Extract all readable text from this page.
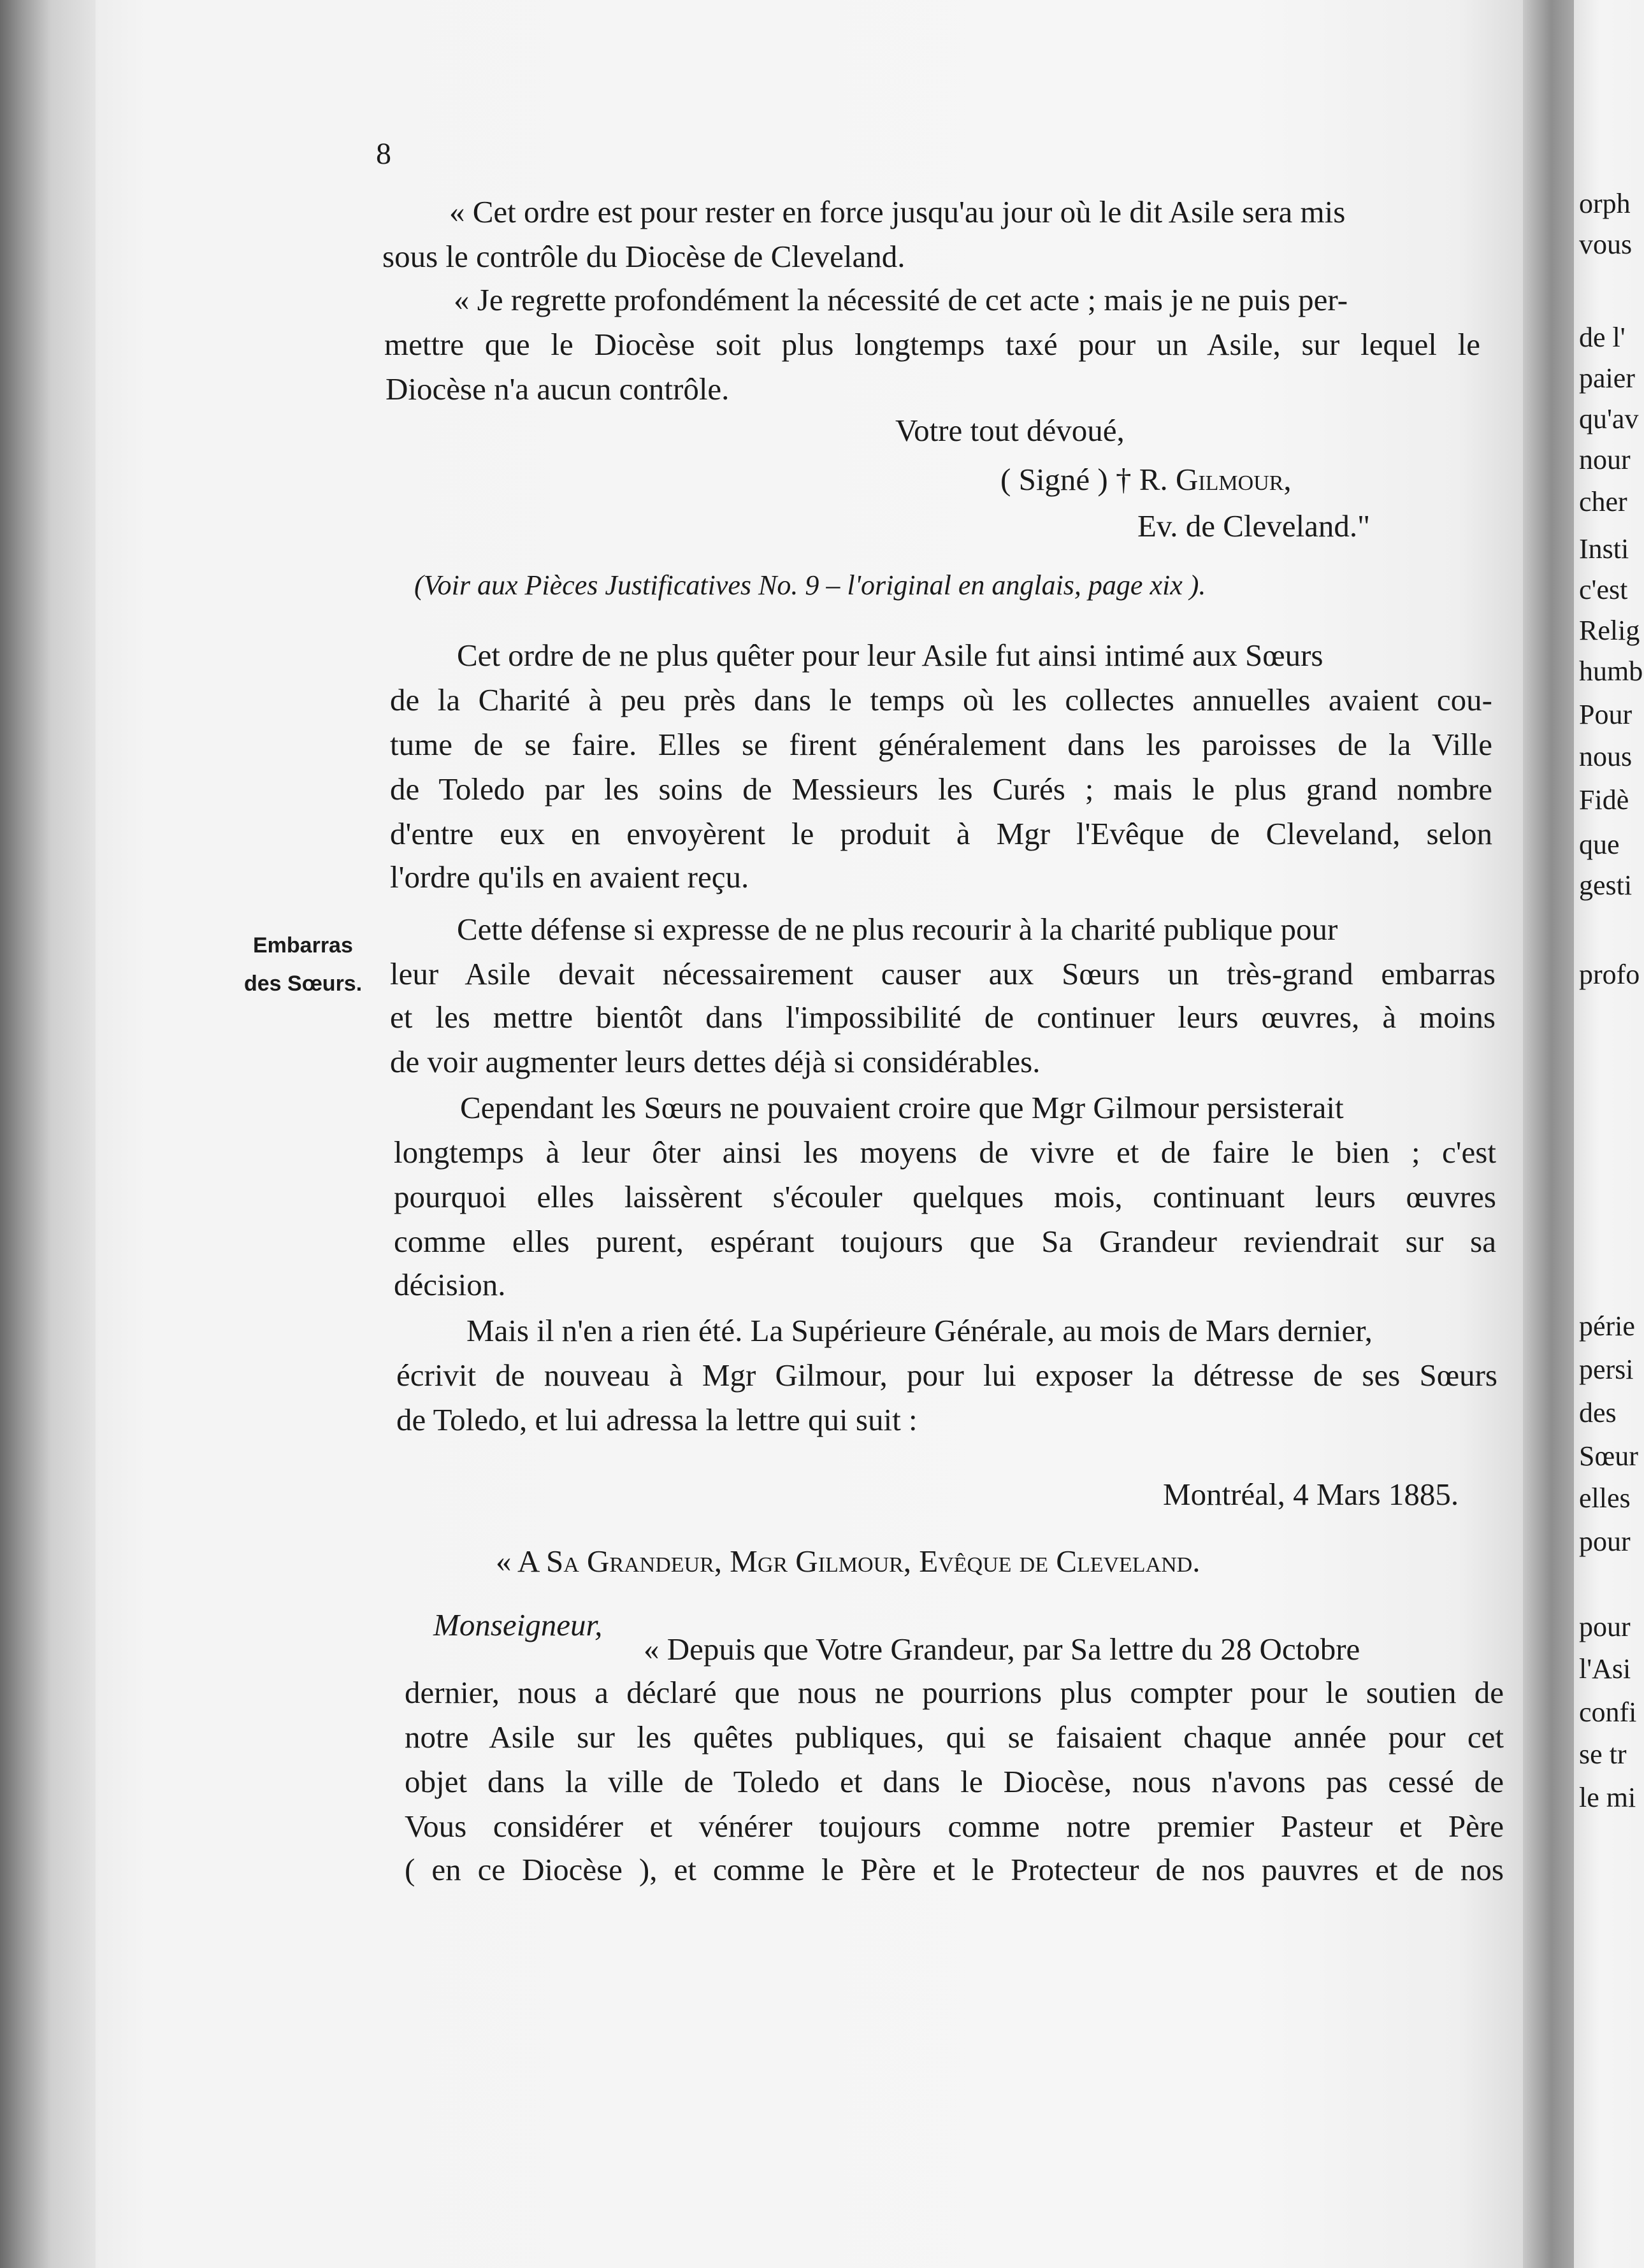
8
« Cet ordre est pour rester en force jusqu'au jour où le dit Asile sera mis
sous le contrôle du Diocèse de Cleveland.
« Je regrette profondément la nécessité de cet acte ; mais je ne puis per-
mettre que le Diocèse soit plus longtemps taxé pour un Asile, sur lequel le
Diocèse n'a aucun contrôle.
Votre tout dévoué,
( Signé ) † R. Gilmour,
Ev. de Cleveland."
(Voir aux Pièces Justificatives No. 9 – l'original en anglais, page xix ).
Cet ordre de ne plus quêter pour leur Asile fut ainsi intimé aux Sœurs
de la Charité à peu près dans le temps où les collectes annuelles avaient cou-
tume de se faire. Elles se firent généralement dans les paroisses de la Ville
de Toledo par les soins de Messieurs les Curés ; mais le plus grand nombre
d'entre eux en envoyèrent le produit à Mgr l'Evêque de Cleveland, selon
l'ordre qu'ils en avaient reçu.
Embarras
des Sœurs.
Cette défense si expresse de ne plus recourir à la charité publique pour
leur Asile devait nécessairement causer aux Sœurs un très-grand embarras
et les mettre bientôt dans l'impossibilité de continuer leurs œuvres, à moins
de voir augmenter leurs dettes déjà si considérables.
Cependant les Sœurs ne pouvaient croire que Mgr Gilmour persisterait
longtemps à leur ôter ainsi les moyens de vivre et de faire le bien ; c'est
pourquoi elles laissèrent s'écouler quelques mois, continuant leurs œuvres
comme elles purent, espérant toujours que Sa Grandeur reviendrait sur sa
décision.
Mais il n'en a rien été. La Supérieure Générale, au mois de Mars dernier,
écrivit de nouveau à Mgr Gilmour, pour lui exposer la détresse de ses Sœurs
de Toledo, et lui adressa la lettre qui suit :
Montréal, 4 Mars 1885.
« A Sa Grandeur, Mgr Gilmour, Evêque de Cleveland.
Monseigneur,
« Depuis que Votre Grandeur, par Sa lettre du 28 Octobre
dernier, nous a déclaré que nous ne pourrions plus compter pour le soutien de
notre Asile sur les quêtes publiques, qui se faisaient chaque année pour cet
objet dans la ville de Toledo et dans le Diocèse, nous n'avons pas cessé de
Vous considérer et vénérer toujours comme notre premier Pasteur et Père
( en ce Diocèse ), et comme le Père et le Protecteur de nos pauvres et de nos
orph
vous
de l'
paier
qu'av
nour
cher
Insti
c'est
Relig
humb
Pour
nous
Fidè
que
gesti
profo
périe
persi
des
Sœur
elles
pour
pour
l'Asi
confi
se tr
le mi
